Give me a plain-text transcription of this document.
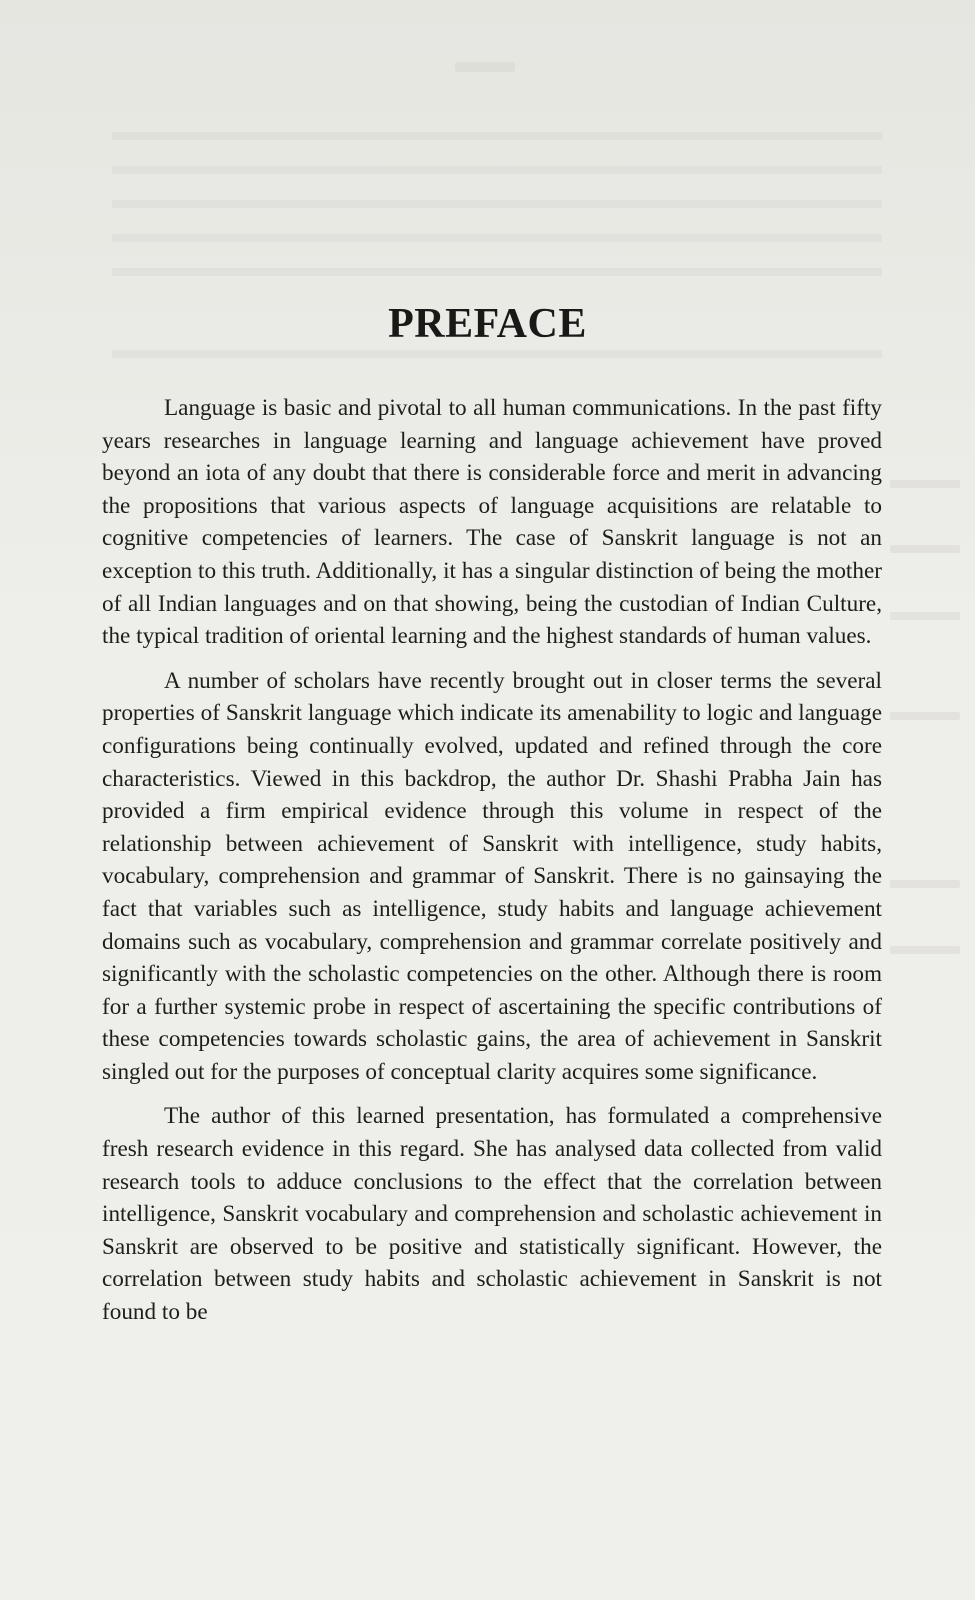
PREFACE

Language is basic and pivotal to all human communications. In the past fifty years researches in language learning and language achievement have proved beyond an iota of any doubt that there is considerable force and merit in advancing the propositions that various aspects of language acquisitions are relatable to cognitive competencies of learners. The case of Sanskrit language is not an exception to this truth. Additionally, it has a singular distinction of being the mother of all Indian languages and on that showing, being the custodian of Indian Culture, the typical tradition of oriental learning and the highest standards of human values.

A number of scholars have recently brought out in closer terms the several properties of Sanskrit language which indicate its amenability to logic and language configurations being continually evolved, updated and refined through the core characteristics. Viewed in this backdrop, the author Dr. Shashi Prabha Jain has provided a firm empirical evidence through this volume in respect of the relationship between achievement of Sanskrit with intelligence, study habits, vocabulary, comprehension and grammar of Sanskrit. There is no gainsaying the fact that variables such as intelligence, study habits and language achievement domains such as vocabulary, comprehension and grammar correlate positively and significantly with the scholastic competencies on the other. Although there is room for a further systemic probe in respect of ascertaining the specific contributions of these competencies towards scholastic gains, the area of achievement in Sanskrit singled out for the purposes of conceptual clarity acquires some significance.

The author of this learned presentation, has formulated a comprehensive fresh research evidence in this regard. She has analysed data collected from valid research tools to adduce conclusions to the effect that the correlation between intelligence, Sanskrit vocabulary and comprehension and scholastic achievement in Sanskrit are observed to be positive and statistically significant. However, the correlation between study habits and scholastic achievement in Sanskrit is not found to be
